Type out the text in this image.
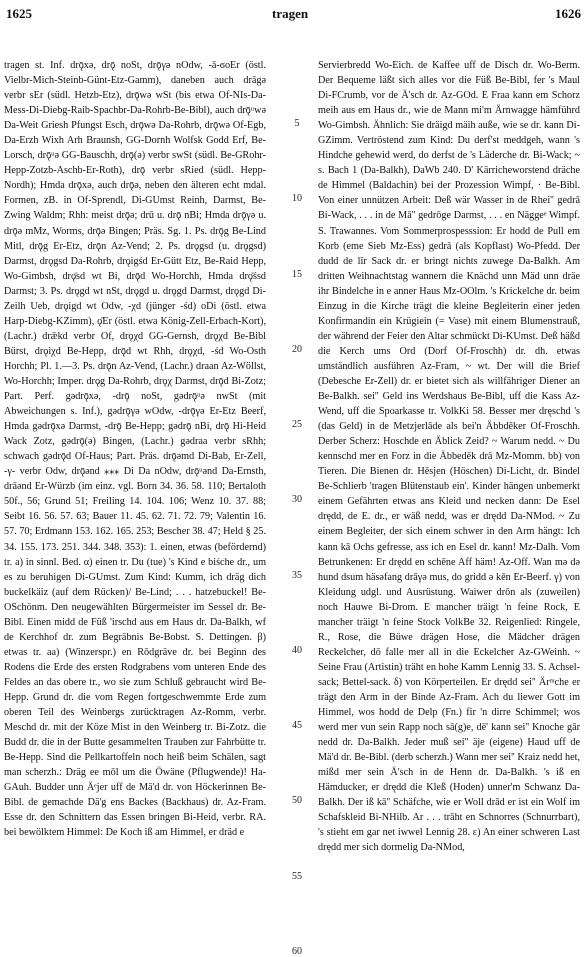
1625	tragen	1626

tragen st. Inf. drǭxə, drǭ noSt, drǭγə nOdw, -ā-ϭoEr (östl. Vielbr-Mich-Steinb-Günt-Etz-Gamm), daneben auch drāgə verbr sEr (südl. Hetzb-Etz), drǭwə wSt (bis etwa Of-NIs-Da-Mess-Di-Diebg-Raib-Spachbr-Da-Rohrb-Be-Bibl), auch drǭᵘwə Da-Weit Griesh Pfungst Esch, drǭwə Da-Rohrb, drǭwə Of-Egb, Da-Erzh Wixh Arh Braunsh, GG-Dornh Wolfsk Godd Erf, Be-Lorsch, drǭᵘə GG-Bauschh, drǭ(ə) verbr swSt (südl. Be-GRohr-Hepp-Zotzb-Aschb-Er-Roth), drǭ verbr sRied (südl. Hepp-Nordh); Hmda drǭxə, auch drǭə, neben den älteren echt mdal. Formen, zB. in Of-Sprendl, Di-GUmst Reinh, Darmst, Be-Zwing Waldm; Rhh: meist drǭə; drū u. drǭ nBi; Hmda drǭγə u. drǭə mMz, Worms, drǭə Bingen; Präs. Sg. 1. Ps. drǭg Be-Lind Mitl, drǭg Er-Etz, drǭn Az-Vend; 2. Ps. drǫgsd (u. drǫgsd) Darmst, drǫgsd Da-Rohrb, drǫigśd Er-Gütt Etz, Be-Raid Hepp, Wo-Gimbsh, drǫ̈sd wt Bi, drǭd Wo-Horchh, Hmda drǫ̈śsd Darmst; 3. Ps. drǫgd wt nSt, drǫgd u. drǫgd Darmst, drǫgd Di-Zeilh Ueb, drǫigd wt Odw, -χd (jünger -śd) oDi (östl. etwa Harp-Diebg-KZimm), ǫ̈Er (östl. etwa König-Zell-Erbach-Kort), (Lachr.) drǣkd verbr Of, drǫχd GG-Gernsh, drǫχd Be-Bibl Bürst, drǫiχd Be-Hepp, drǭd wt Rhh, drǫχd, -śd Wo-Osth Horchh; Pl. 1.—3. Ps. drǭn Az-Vend, (Lachr.) draan Az-Wöllst, Wo-Horchh; Imper. drǫg Da-Rohrb, drǫχ Darmst, drǭd Bi-Zotz; Part. Perf. gədrǭxə, -drǭ noSt, gədrǭᵘə nwSt (mit Abweichungen s. Inf.), gədrǭγə wOdw, -drǭγə Er-Etz Beerf, Hmda gədrǭxə Darmst, -drǭ Be-Hepp; gədrǭ nBi, drǭ Hi-Heid Wack Zotz, gədrǭ(ə) Bingen, (Lachr.) gədraa verbr sRhh; schwach gədrǭd Of-Haus; Part. Präs. drǭəmd Di-Bab, Er-Zell, -γ- verbr Odw, drǭənd ⁎⁎⁎ Di Da nOdw, drǭᵘənd Da-Ernsth, drāənd Er-Würzb (im einz. vgl. Born 34. 36. 58. 110; Bertaloth 50f., 56; Grund 51; Freiling 14. 104. 106; Wenz 10. 37. 88; Seibt 16. 56. 57. 63; Bauer 11. 45. 62. 71. 72. 79; Valentin 16. 57. 70; Erdmann 153. 162. 165. 253; Bescher 38. 47; Held § 25. 34. 155. 173. 251. 344. 348. 353): 1. einen, etwas (befördernd) tr. a) in sinnl. Bed. α) einen tr. Du (tue) 's Kind e biśche dr., um es zu beruhigen Di-GUmst. Zum Kind: Kumm, ich dräg dich buckelkäiz (auf dem Rücken)/ Be-Lind; . . . hatzebuckel! Be-OSchönm. Den neugewählten Bürgermeister im Sessel dr. Be-Bibl. Einen midd de Füß 'irschd aus em Haus dr. Da-Balkh, wf de Kerchhof dr. zum Begräbnis Be-Bobst. S. Dettingen. β) etwas tr. aa) (Winzerspr.) en Rōdgräve dr. bei Beginn des Rodens die Erde des ersten Rodgrabens vom unteren Ende des Feldes an das obere tr., wo sie zum Schluß gebraucht wird Be-Hepp. Grund dr. die vom Regen fortgeschwemmte Erde zum oberen Teil des Weinbergs zurücktragen Az-Romm, verbr. Meschd dr. mit der Köze Mist in den Weinberg tr. Bi-Zotz. die Budd dr. die in der Butte gesammelten Trauben zur Fahrbütte tr. Be-Hepp. Sind die Pellkartoffeln noch heiß beim Schälen, sagt man scherzh.: Dräg ee mōl um die Öwäne (Pflugwende)! Ha-GAuh. Budder unn Äᵉjer uff de Mä'd dr. von Höckerinnen Be-Bibl. de gemachde Dä'g ens Backes (Backhaus) dr. Az-Fram. Esse dr. den Schnittern das Essen bringen Bi-Heid, verbr. RA. bei bewölktem Himmel: De Koch iß am Himmel, er dräd e

5
10
15
20
25
30
35
40
45
50
55
60

Servierbredd Wo-Eich. de Kaffee uff de Disch dr. Wo-Berm. Der Bequeme läßt sich alles vor die Füß Be-Bibl, fer 's Maul Di-FCrumb, vor de Ä'sch dr. Az-GOd. E Fraa kann em Schorz meih aus em Haus dr., wie de Mann mi'm Ärnwagge hämführd Wo-Gimbsh. Ähnlich: Sie dräigd mäih auße, wie se dr. kann Di-GZimm. Vertröstend zum Kind: Du derf'st meddgeh, wann 's Hindche gehewid werd, do derfst de 's Läderche dr. Bi-Wack; ~ s. Bach 1 (Da-Balkh), DaWb 240. D' Kärricheworstend dräche de Himmel (Baldachin) bei der Prozession Wimpf, · Be-Bibl. Von einer unnützen Arbeit: Deß wär Wasser in de Rhei'' gedrā Bi-Wack, . . . in de Mā'' gedrōge Darmst, . . . en Näggeᵉ Wimpf. S. Trawannes. Vom Sommerprospesssion: Er hodd de Pull em Korb (eme Sieb Mz-Ess) gedrā (als Kopflast) Wo-Pfedd. Der dudd de līr Sack dr. er bringt nichts zuwege Da-Balkh. Am dritten Weihnachtstag wannern die Knächd unn Mäd unn dräe ihr Bindelche in e anner Haus Mz-OOlm. 's Krickelche dr. beim Einzug in die Kirche trägt die kleine Begleiterin einer jeden Konfirmandin ein Krügiein (= Vase) mit einem Blumenstrauß, der während der Feier den Altar schmückt Di-KUmst. Deß häßd die Kerch ums Ord (Dorf Of-Froschh) dr. dh. etwas umständlich ausführen Az-Fram, ~ wt. Der will die Brief (Debesche Er-Zell) dr. er bietet sich als willfähriger Diener an Be-Balkh. sei'' Geld ins Werdshaus Be-Bibl, uff die Kass Az-Wend, uff die Spoarkasse tr. VolkKi 58. Besser mer dręschd 's (das Geld) in de Metzjerlāde als bei'n Äbbdēker Of-Froschh. Derber Scherz: Hoschde en Äblick Zeid? ~ Warum nedd. ~ Du kennschd mer en Forz in die Äbbedēk drā Mz-Momm. bb) von Tieren. Die Bienen dr. Hēsjen (Höschen) Di-Licht, dr. Bindel Be-Schlierb 'tragen Blütenstaub ein'. Kinder hängen unbemerkt einem Gefährten etwas ans Kleid und necken dann: De Esel drędd, de E. dr., er wäß nedd, was er drędd Da-NMod. ~ Zu einem Begleiter, der sich einem schwer in den Arm hängt: Ich kann kā Ochs gefresse, ass ich en Esel dr. kann! Mz-Dalh. Vom Betrunkenen: Er drędd en schēne Aff häm! Az-Off. Wan mə də hund dsum häsəfang drāγə mus, do gridd ə kēn Er-Beerf. γ) von Kleidung udgl. und Ausrüstung. Waiwer drōn als (zuweilen) noch Hauwe Bi-Drom. E mancher träigt 'n feine Rock, E mancher träigt 'n feine Stock VolkBe 32. Reigenlied: Ringele, R., Rose, die Büwe drägen Hose, die Mädcher drägen Reckelcher, dō falle mer all in die Eckelcher Az-GWeinh. ~ Seine Frau (Artistin) träht en hohe Kamm Lennig 33. S. Achsel-sack; Bettel-sack. δ) von Körperteilen. Er drędd sei'' Ärᵐche er trägt den Arm in der Binde Az-Fram. Ach du liewer Gott im Himmel, wos hodd de Delp (Fn.) fir 'n dirre Schimmel; wos werd mer vun sein Rapp noch sā(g)e, dē' kann sei'' Knoche gār nedd dr. Da-Balkh. Jeder muß sei'' äje (eigene) Haud uff de Mä'd dr. Be-Bibl. (derb scherzh.) Wann mer sei'' Kraiz nedd het, mißd mer sein Ä'sch in de Henn dr. Da-Balkh. 's iß en Hämducker, er drędd die Kleß (Hoden) unner'm Schwanz Da-Balkh. Der iß kā'' Schäfche, wie er Woll drād er ist ein Wolf im Schafskleid Bi-NHilb. Ar . . . trāht en Schnorres (Schnurrbart), 's stieht em gar net iwwel Lennig 28. ε) An einer schweren Last drędd mer sich dormelig Da-NMod,
